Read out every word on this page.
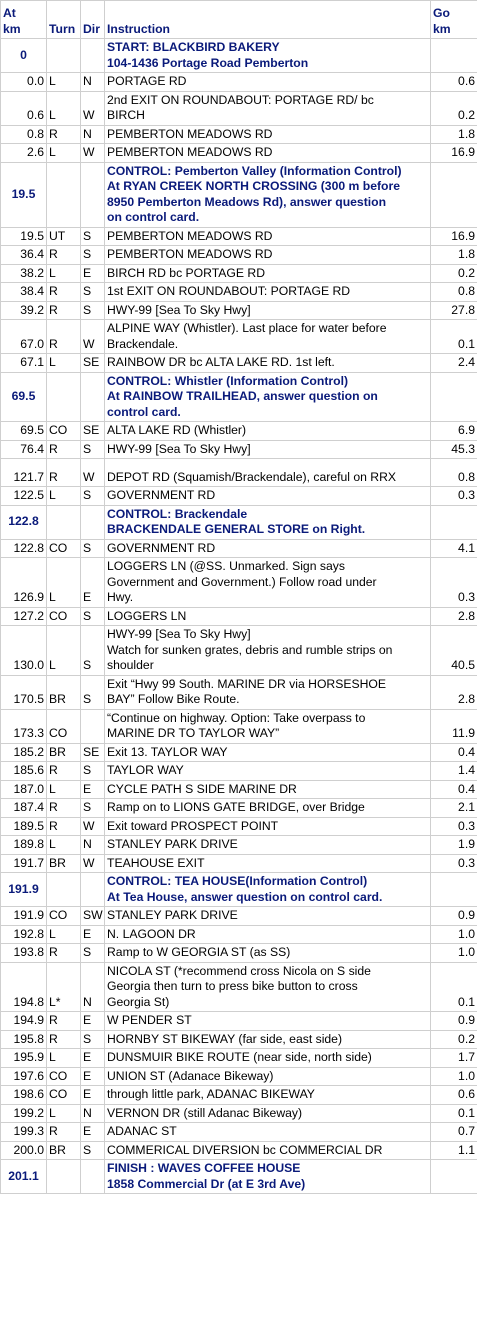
At
km	Turn	Dir	Instruction	Go
km
0			START: BLACKBIRD BAKERY
104-1436 Portage Road Pemberton	
0.0	L	N	PORTAGE RD	0.6
0.6	L	W	2nd EXIT ON ROUNDABOUT: PORTAGE RD/ bc
BIRCH	0.2
0.8	R	N	PEMBERTON MEADOWS RD	1.8
2.6	L	W	PEMBERTON MEADOWS RD	16.9
19.5			CONTROL: Pemberton Valley (Information Control)
At RYAN CREEK NORTH CROSSING (300 m before
8950 Pemberton Meadows Rd), answer question
on control card.	
19.5	UT	S	PEMBERTON MEADOWS RD	16.9
36.4	R	S	PEMBERTON MEADOWS RD	1.8
38.2	L	E	BIRCH RD bc PORTAGE RD	0.2
38.4	R	S	1st EXIT ON ROUNDABOUT: PORTAGE RD	0.8
39.2	R	S	HWY-99 [Sea To Sky Hwy]	27.8
67.0	R	W	ALPINE WAY (Whistler). Last place for water before
Brackendale.	0.1
67.1	L	SE	RAINBOW DR bc ALTA LAKE RD. 1st left.	2.4
69.5			CONTROL: Whistler (Information Control)
At RAINBOW TRAILHEAD, answer question on
control card.	
69.5	CO	SE	ALTA LAKE RD (Whistler)	6.9
76.4	R	S	HWY-99 [Sea To Sky Hwy]	45.3
121.7	R	W	DEPOT RD (Squamish/Brackendale), careful on RRX	0.8
122.5	L	S	GOVERNMENT RD	0.3
122.8			CONTROL: Brackendale
BRACKENDALE GENERAL STORE on Right.	
122.8	CO	S	GOVERNMENT RD	4.1
126.9	L	E	LOGGERS LN (@SS. Unmarked. Sign says
Government and Government.) Follow road under
Hwy.	0.3
127.2	CO	S	LOGGERS LN	2.8
130.0	L	S	HWY-99 [Sea To Sky Hwy]
Watch for sunken grates, debris and rumble strips on
shoulder	40.5
170.5	BR	S	Exit “Hwy 99 South. MARINE DR via HORSESHOE
BAY” Follow Bike Route.	2.8
173.3	CO		“Continue on highway. Option: Take overpass to
MARINE DR TO TAYLOR WAY”	11.9
185.2	BR	SE	Exit 13. TAYLOR WAY	0.4
185.6	R	S	TAYLOR WAY	1.4
187.0	L	E	CYCLE PATH S SIDE MARINE DR	0.4
187.4	R	S	Ramp on to LIONS GATE BRIDGE, over Bridge	2.1
189.5	R	W	Exit toward PROSPECT POINT	0.3
189.8	L	N	STANLEY PARK DRIVE	1.9
191.7	BR	W	TEAHOUSE EXIT	0.3
191.9			CONTROL: TEA HOUSE(Information Control)
At Tea House, answer question on control card.	
191.9	CO	SW	STANLEY PARK DRIVE	0.9
192.8	L	E	N. LAGOON DR	1.0
193.8	R	S	Ramp to W GEORGIA ST (as SS)	1.0
194.8	L*	N	NICOLA ST (*recommend cross Nicola on S side
Georgia then turn to press bike button to cross
Georgia St)	0.1
194.9	R	E	W PENDER ST	0.9
195.8	R	S	HORNBY ST BIKEWAY (far side, east side)	0.2
195.9	L	E	DUNSMUIR BIKE ROUTE (near side, north side)	1.7
197.6	CO	E	UNION ST (Adanace Bikeway)	1.0
198.6	CO	E	through little park, ADANAC BIKEWAY	0.6
199.2	L	N	VERNON DR (still Adanac Bikeway)	0.1
199.3	R	E	ADANAC ST	0.7
200.0	BR	S	COMMERICAL DIVERSION bc COMMERCIAL DR	1.1
201.1			FINISH : WAVES COFFEE HOUSE
1858 Commercial Dr (at E 3rd Ave)	
